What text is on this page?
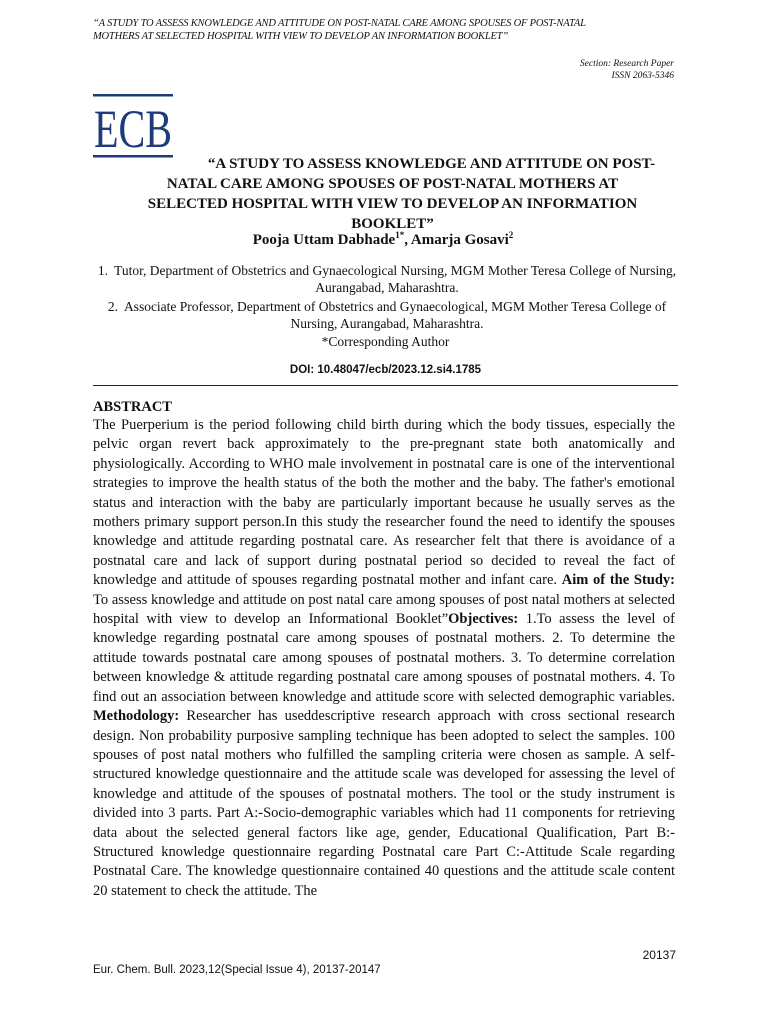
“A STUDY TO ASSESS KNOWLEDGE AND ATTITUDE ON POST-NATAL CARE AMONG SPOUSES OF POST-NATAL
MOTHERS AT SELECTED HOSPITAL WITH VIEW TO DEVELOP AN INFORMATION BOOKLET”
Section: Research Paper
ISSN 2063-5346
ECB
“A STUDY TO ASSESS KNOWLEDGE AND ATTITUDE ON POST-
NATAL CARE AMONG SPOUSES OF POST-NATAL MOTHERS AT
SELECTED HOSPITAL WITH VIEW TO DEVELOP AN INFORMATION
BOOKLET”
Pooja Uttam Dabhade$^{1*}$, Amarja Gosavi$^2$
1. Tutor, Department of Obstetrics and Gynaecological Nursing, MGM Mother Teresa College of Nursing, Aurangabad, Maharashtra.
2. Associate Professor, Department of Obstetrics and Gynaecological, MGM Mother Teresa College of Nursing, Aurangabad, Maharashtra.
*Corresponding Author
DOI: 10.48047/ecb/2023.12.si4.1785
ABSTRACT

The Puerperium is the period following child birth during which the body tissues, especially the pelvic organ revert back approximately to the pre-pregnant state both anatomically and physiologically. According to WHO male involvement in postnatal care is one of the interventional strategies to improve the health status of the both the mother and the baby. The father's emotional status and interaction with the baby are particularly important because he usually serves as the mothers primary support person.In this study the researcher found the need to identify the spouses knowledge and attitude regarding postnatal care. As researcher felt that there is avoidance of a postnatal care and lack of support during postnatal period so decided to reveal the fact of knowledge and attitude of spouses regarding postnatal mother and infant care. Aim of the Study: To assess knowledge and attitude on post natal care among spouses of post natal mothers at selected hospital with view to develop an Informational Booklet”Objectives: 1.To assess the level of knowledge regarding postnatal care among spouses of postnatal mothers. 2. To determine the attitude towards postnatal care among spouses of postnatal mothers. 3. To determine correlation between knowledge & attitude regarding postnatal care among spouses of postnatal mothers. 4. To find out an association between knowledge and attitude score with selected demographic variables. Methodology: Researcher has useddescriptive research approach with cross sectional research design. Non probability purposive sampling technique has been adopted to select the samples. 100 spouses of post natal mothers who fulfilled the sampling criteria were chosen as sample. A self- structured knowledge questionnaire and the attitude scale was developed for assessing the level of knowledge and attitude of the spouses of postnatal mothers. The tool or the study instrument is divided into 3 parts. Part A:-Socio-demographic variables which had 11 components for retrieving data about the selected general factors like age, gender, Educational Qualification, Part B:-Structured knowledge questionnaire regarding Postnatal care Part C:-Attitude Scale regarding Postnatal Care. The knowledge questionnaire contained 40 questions and the attitude scale content 20 statement to check the attitude. The

20137
Eur. Chem. Bull. 2023,12(Special Issue 4), 20137-20147
